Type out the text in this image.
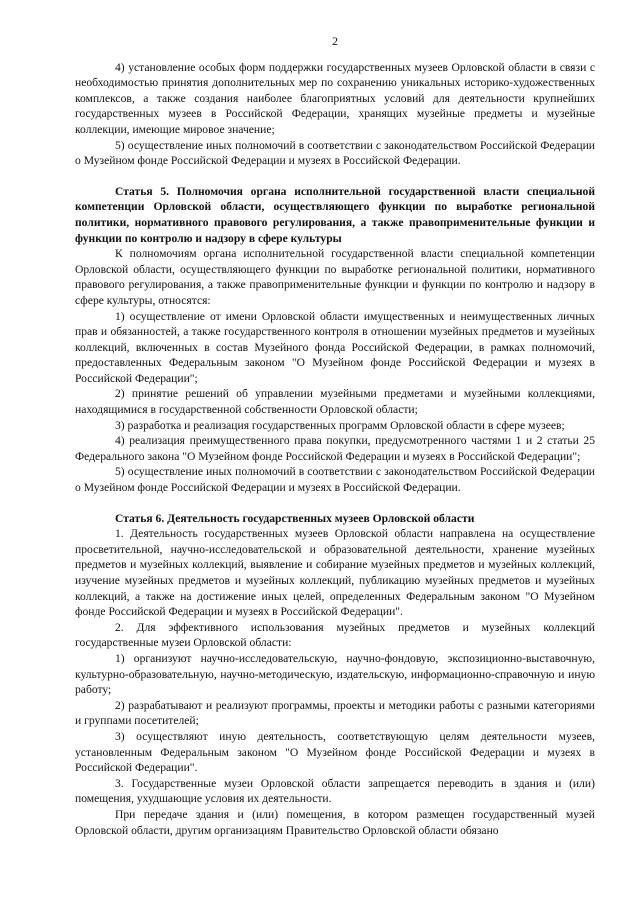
2

4) установление особых форм поддержки государственных музеев Орловской области в связи с необходимостью принятия дополнительных мер по сохранению уникальных историко-художественных комплексов, а также создания наиболее благоприятных условий для деятельности крупнейших государственных музеев в Российской Федерации, хранящих музейные предметы и музейные коллекции, имеющие мировое значение;

5) осуществление иных полномочий в соответствии с законодательством Российской Федерации о Музейном фонде Российской Федерации и музеях в Российской Федерации.

Статья 5. Полномочия органа исполнительной государственной власти специальной компетенции Орловской области, осуществляющего функции по выработке региональной политики, нормативного правового регулирования, а также правоприменительные функции и функции по контролю и надзору в сфере культуры

К полномочиям органа исполнительной государственной власти специальной компетенции Орловской области, осуществляющего функции по выработке региональной политики, нормативного правового регулирования, а также правоприменительные функции и функции по контролю и надзору в сфере культуры, относятся:

1) осуществление от имени Орловской области имущественных и неимущественных личных прав и обязанностей, а также государственного контроля в отношении музейных предметов и музейных коллекций, включенных в состав Музейного фонда Российской Федерации, в рамках полномочий, предоставленных Федеральным законом "О Музейном фонде Российской Федерации и музеях в Российской Федерации";

2) принятие решений об управлении музейными предметами и музейными коллекциями, находящимися в государственной собственности Орловской области;

3) разработка и реализация государственных программ Орловской области в сфере музеев;

4) реализация преимущественного права покупки, предусмотренного частями 1 и 2 статьи 25 Федерального закона "О Музейном фонде Российской Федерации и музеях в Российской Федерации";

5) осуществление иных полномочий в соответствии с законодательством Российской Федерации о Музейном фонде Российской Федерации и музеях в Российской Федерации.

Статья 6. Деятельность государственных музеев Орловской области

1. Деятельность государственных музеев Орловской области направлена на осуществление просветительной, научно-исследовательской и образовательной деятельности, хранение музейных предметов и музейных коллекций, выявление и собирание музейных предметов и музейных коллекций, изучение музейных предметов и музейных коллекций, публикацию музейных предметов и музейных коллекций, а также на достижение иных целей, определенных Федеральным законом "О Музейном фонде Российской Федерации и музеях в Российской Федерации".

2. Для эффективного использования музейных предметов и музейных коллекций государственные музеи Орловской области:

1) организуют научно-исследовательскую, научно-фондовую, экспозиционно-выставочную, культурно-образовательную, научно-методическую, издательскую, информационно-справочную и иную работу;

2) разрабатывают и реализуют программы, проекты и методики работы с разными категориями и группами посетителей;

3) осуществляют иную деятельность, соответствующую целям деятельности музеев, установленным Федеральным законом "О Музейном фонде Российской Федерации и музеях в Российской Федерации".

3. Государственные музеи Орловской области запрещается переводить в здания и (или) помещения, ухудшающие условия их деятельности.

При передаче здания и (или) помещения, в котором размещен государственный музей Орловской области, другим организациям Правительство Орловской области обязано
